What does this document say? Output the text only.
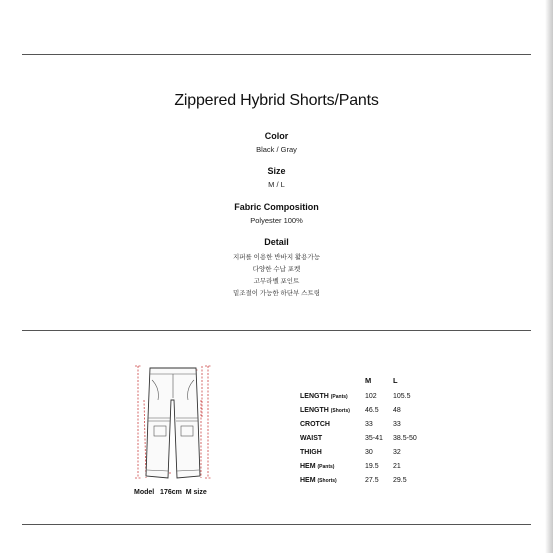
Zippered Hybrid Shorts/Pants
Color
Black / Gray
Size
M / L
Fabric Composition
Polyester 100%
Detail
지퍼를 이용한 반바지 활용가능
다양한 수납 포켓
고무라벨 포인트
밑조절이 가능한 하단부 스트링
Model   176cm  M size
M	L
LENGTH (Pants) 102 105.5
LENGTH (Shorts) 46.5 48
CROTCH	33	33
WAIST	35-41 38.5-50
THIGH	30	32
HEM (Pants)	19.5 21
HEM (Shorts)	27.5 29.5
